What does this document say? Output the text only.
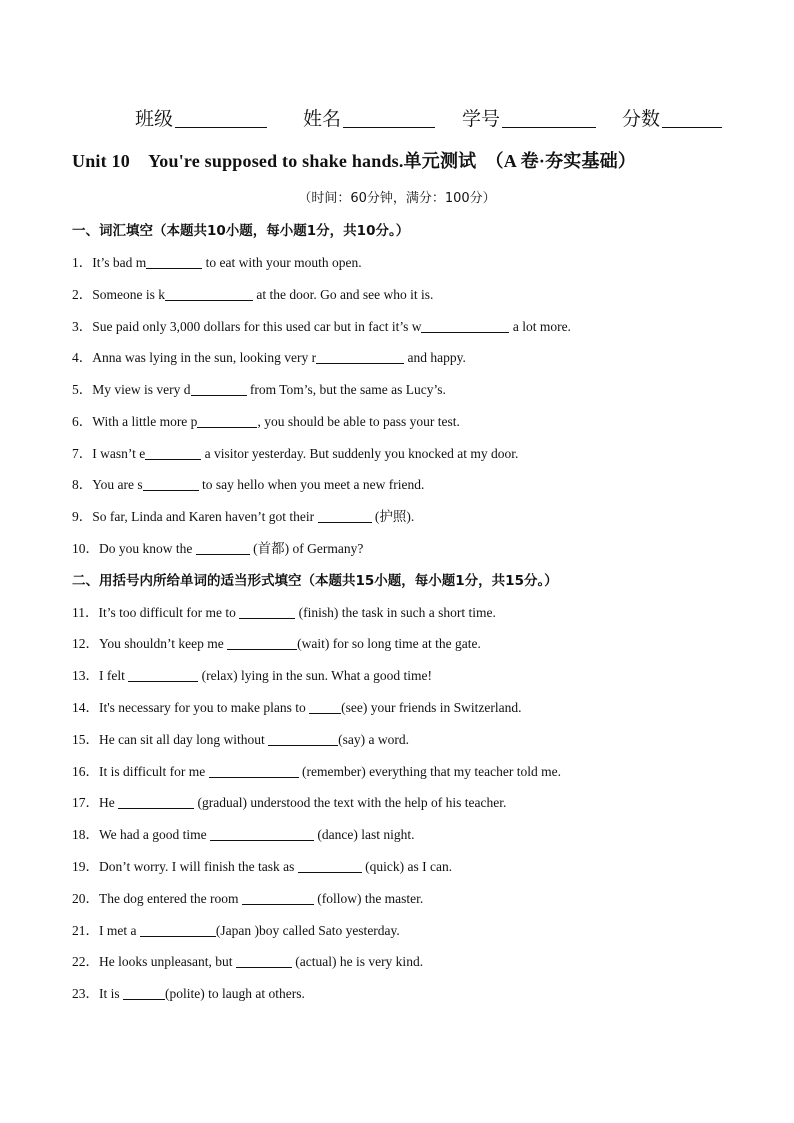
班级	姓名	学号	分数
Unit 10　You're supposed to shake hands.单元测试　（A 卷·夯实基础）
（时间：60分钟，满分：100分）
一、词汇填空（本题共10小题，每小题1分，共10分。）
1．It’s bad m	to eat with your mouth open.
2．Someone is k	at the door. Go and see who it is.
3．Sue paid only 3,000 dollars for this used car but in fact it’s w	a lot more.
4．Anna was lying in the sun, looking very r	and happy.
5．My view is very d	from Tom’s, but the same as Lucy’s.
6．With a little more p	, you should be able to pass your test.
7．I wasn’t e	a visitor yesterday. But suddenly you knocked at my door.
8．You are s	to say hello when you meet a new friend.
9．So far, Linda and Karen haven’t got their	(护照).
10．Do you know the	(首都) of Germany?
二、用括号内所给单词的适当形式填空（本题共15小题，每小题1分，共15分。）
11．It’s too difficult for me to	(finish) the task in such a short time.
12．You shouldn’t keep me	(wait) for so long time at the gate.
13．I felt	(relax) lying in the sun. What a good time!
14．It's necessary for you to make plans to (see) your friends in Switzerland.
15．He can sit all day long without	(say) a word.
16．It is difficult for me	(remember) everything that my teacher told me.
17．He	(gradual) understood the text with the help of his teacher.
18．We had a good time	(dance) last night.
19．Don’t worry. I will finish the task as	(quick) as I can.
20．The dog entered the room	(follow) the master.
21．I met a	(Japan )boy called Sato yesterday.
22．He looks unpleasant, but	(actual) he is very kind.
23．It is	(polite) to laugh at others.
